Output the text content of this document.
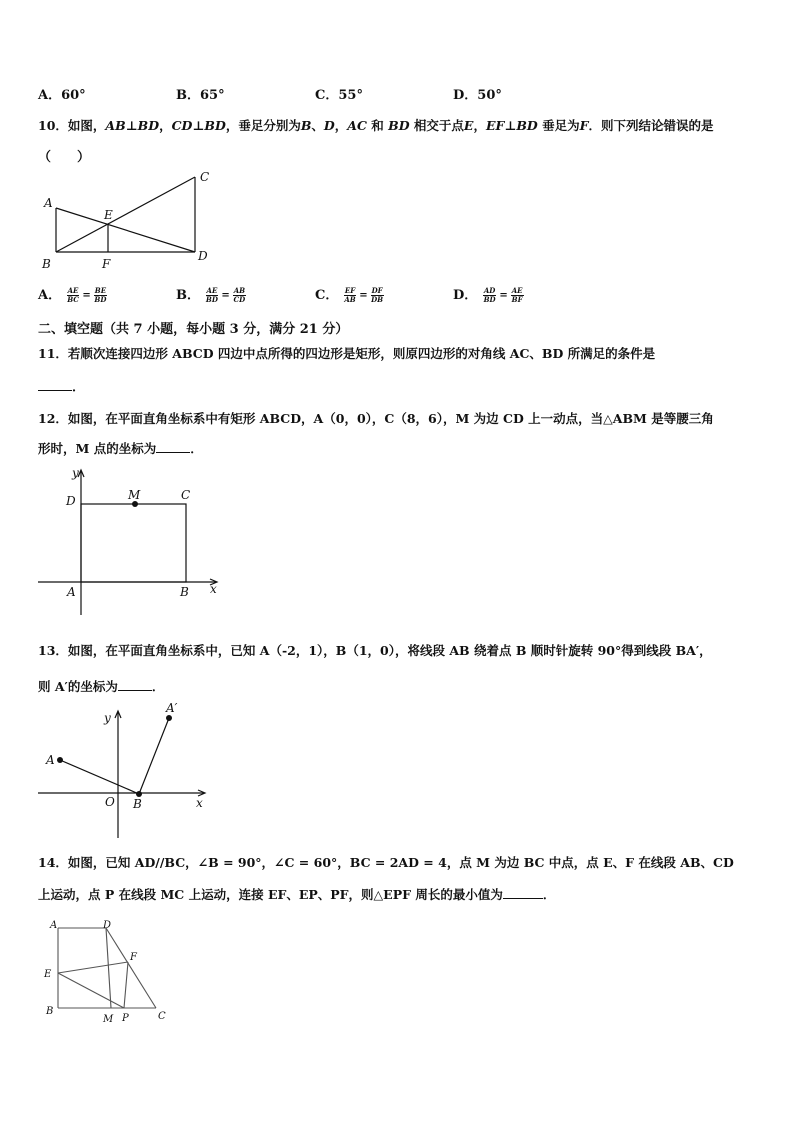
A．60°	B．65°	C．55°	D．50°
10．如图，AB⊥BD，CD⊥BD，垂足分别为B、D，AC 和 BD 相交于点E，EF⊥BD 垂足为F．则下列结论错误的是
（　　）
A
B
C
D
E
F
A． $\frac{AE}{BC} = \frac{BE}{BD}$	B． $\frac{AE}{BD} = \frac{AB}{CD}$	C． $\frac{EF}{AB} = \frac{DF}{DB}$	D． $\frac{AD}{BD} = \frac{AE}{BF}$
二、填空题（共 7 小题，每小题 3 分，满分 21 分）
11．若顺次连接四边形 ABCD 四边中点所得的四边形是矩形，则原四边形的对角线 AC、BD 所满足的条件是
．
12．如图，在平面直角坐标系中有矩形 ABCD，A（0，0），C（8，6），M 为边 CD 上一动点，当△ABM 是等腰三角
形时，M 点的坐标为	．
y
x
D	M	C
A	B
13．如图，在平面直角坐标系中，已知 A（-2，1），B（1，0），将线段 AB 绕着点 B 顺时针旋转 90°得到线段 BA′，
则 A′的坐标为	．
y
x
A
A′
O B
14．如图，已知 AD//BC，∠B = 90°，∠C = 60°，BC = 2AD = 4，点 M 为边 BC 中点，点 E、F 在线段 AB、CD
上运动，点 P 在线段 MC 上运动，连接 EF、EP、PF，则△EPF 周长的最小值为	．
A	D
E
F
B
M P	C
